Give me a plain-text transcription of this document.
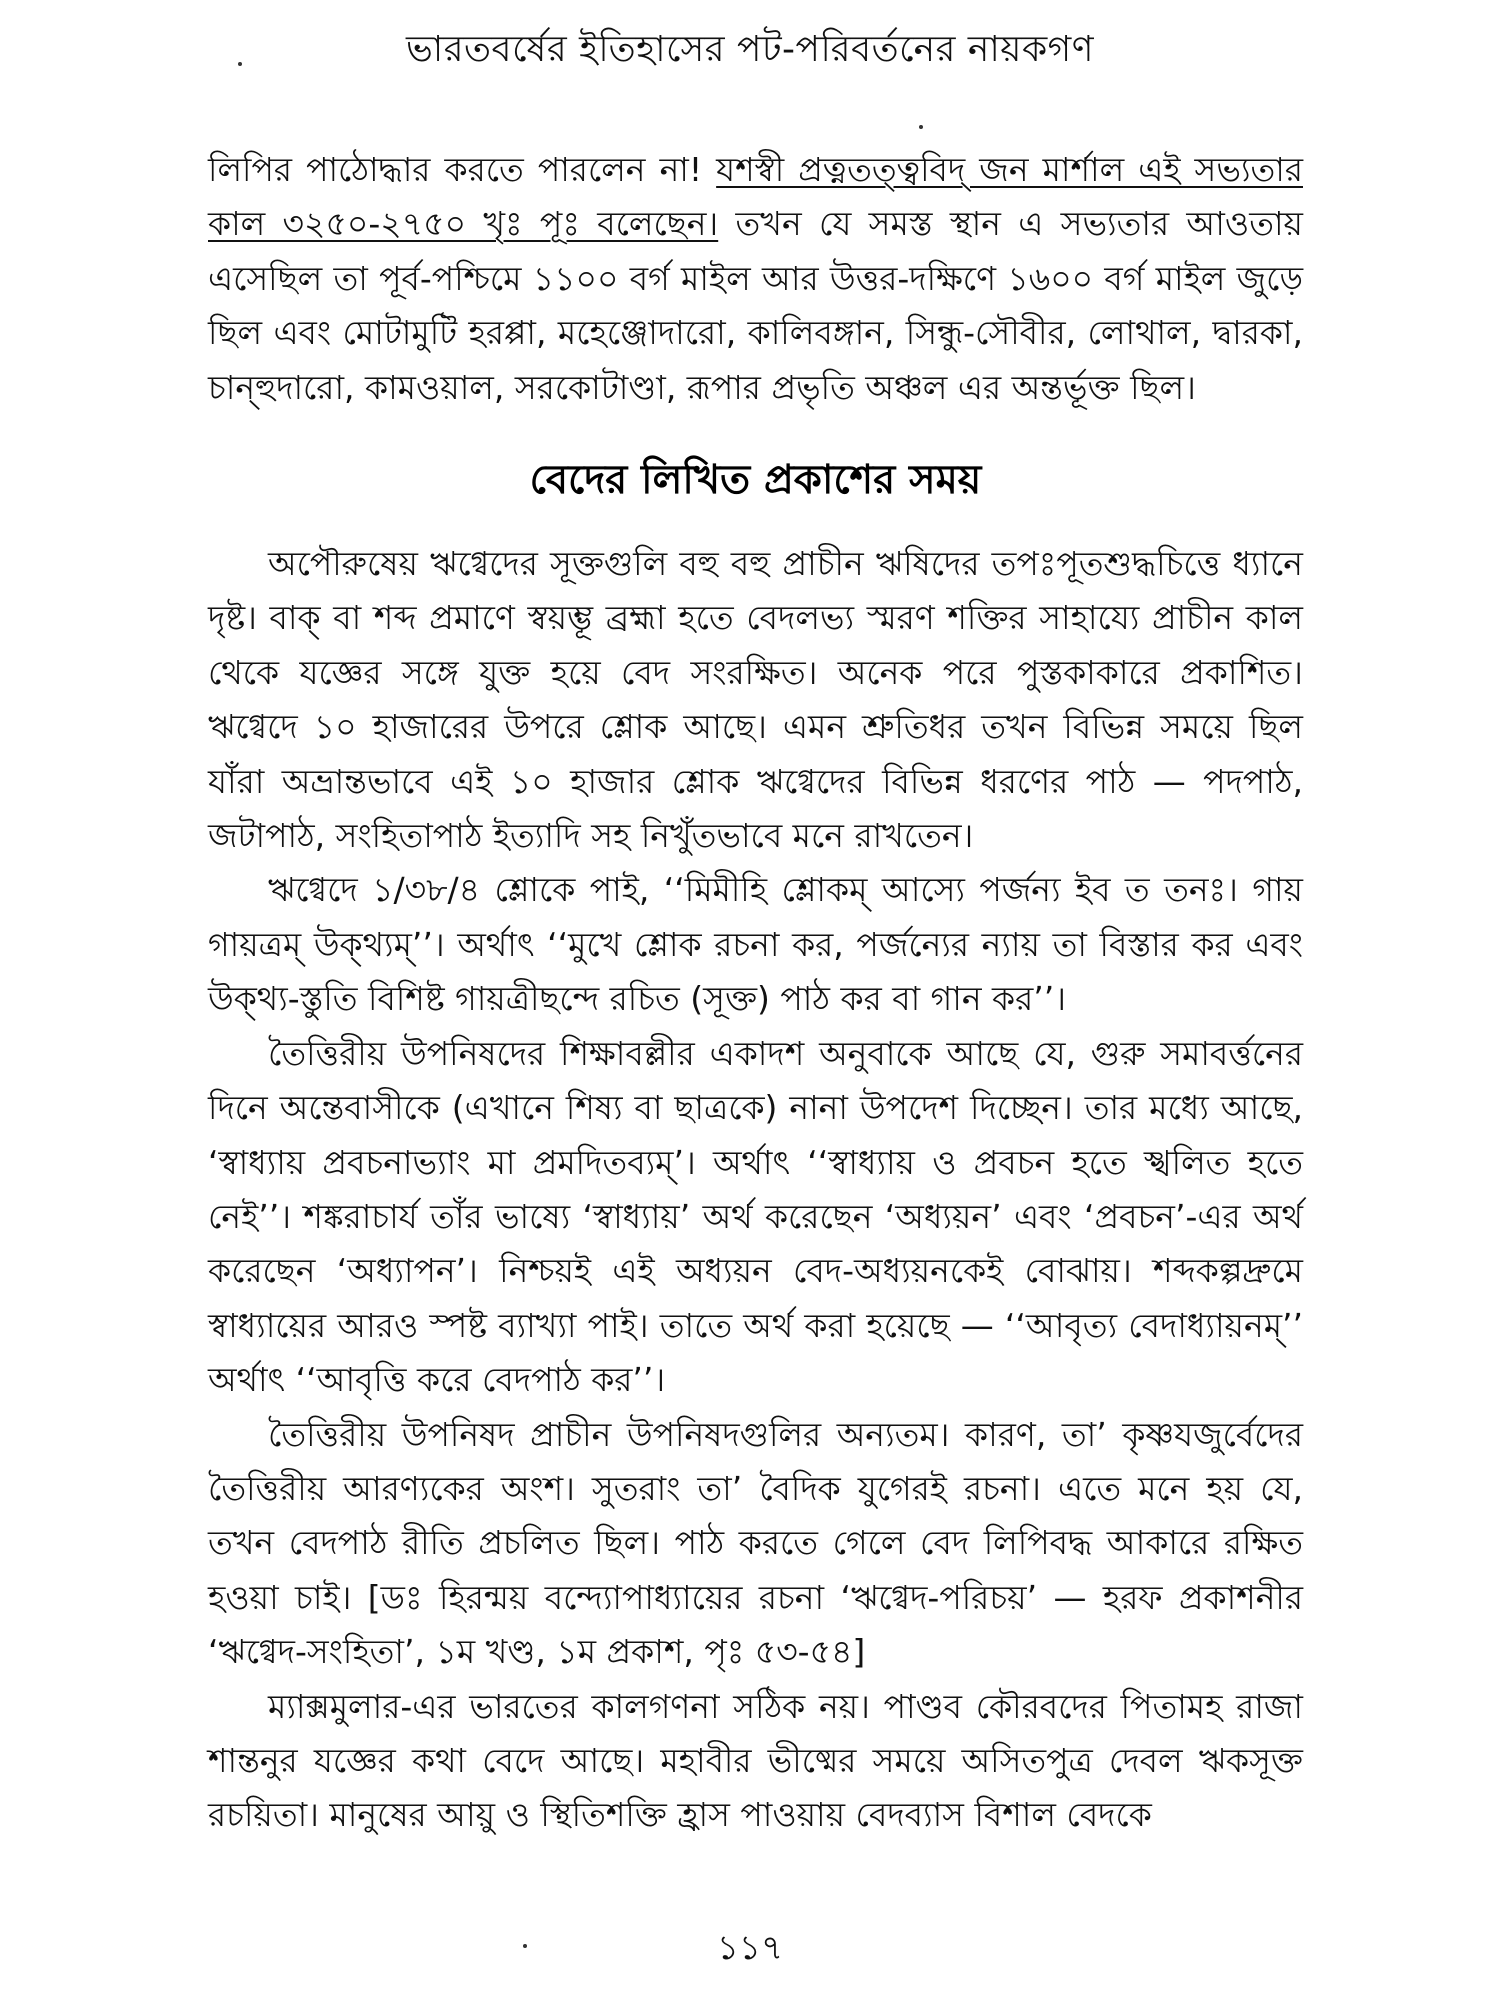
ভারতবর্ষের ইতিহাসের পট-পরিবর্তনের নায়কগণ

লিপির পাঠোদ্ধার করতে পারলেন না! যশস্বী প্রত্নতত্ত্ববিদ্ জন মার্শাল এই সভ্যতার কাল ৩২৫০-২৭৫০ খৃঃ পূঃ বলেছেন। তখন যে সমস্ত স্থান এ সভ্যতার আওতায় এসেছিল তা পূর্ব-পশ্চিমে ১১০০ বর্গ মাইল আর উত্তর-দক্ষিণে ১৬০০ বর্গ মাইল জুড়ে ছিল এবং মোটামুটি হরপ্পা, মহেঞ্জোদারো, কালিবঙ্গান, সিন্ধু-সৌবীর, লোথাল, দ্বারকা, চান্‌হুদারো, কামওয়াল, সরকোটাণ্ডা, রূপার প্রভৃতি অঞ্চল এর অন্তর্ভূক্ত ছিল।

বেদের লিখিত প্রকাশের সময়

অপৌরুষেয় ঋগ্বেদের সূক্তগুলি বহু বহু প্রাচীন ঋষিদের তপঃপূতশুদ্ধচিত্তে ধ্যানে দৃষ্ট। বাক্ বা শব্দ প্রমাণে স্বয়ম্ভূ ব্রহ্মা হতে বেদলভ্য স্মরণ শক্তির সাহায্যে প্রাচীন কাল থেকে যজ্ঞের সঙ্গে যুক্ত হয়ে বেদ সংরক্ষিত। অনেক পরে পুস্তকাকারে প্রকাশিত। ঋগ্বেদে ১০ হাজারের উপরে শ্লোক আছে। এমন শ্রুতিধর তখন বিভিন্ন সময়ে ছিল যাঁরা অভ্রান্তভাবে এই ১০ হাজার শ্লোক ঋগ্বেদের বিভিন্ন ধরণের পাঠ — পদপাঠ, জটাপাঠ, সংহিতাপাঠ ইত্যাদি সহ নিখুঁতভাবে মনে রাখতেন।

ঋগ্বেদে ১/৩৮/৪ শ্লোকে পাই, ‘‘মিমীহি শ্লোকম্ আস্যে পর্জন্য ইব ত তনঃ। গায় গায়ত্রম্ উক্থ্যম্’’। অর্থাৎ ‘‘মুখে শ্লোক রচনা কর, পর্জন্যের ন্যায় তা বিস্তার কর এবং উক্থ্য-স্তুতি বিশিষ্ট গায়ত্রীছন্দে রচিত (সূক্ত) পাঠ কর বা গান কর’’।

তৈত্তিরীয় উপনিষদের শিক্ষাবল্লীর একাদশ অনুবাকে আছে যে, গুরু সমাবর্ত্তনের দিনে অন্তেবাসীকে (এখানে শিষ্য বা ছাত্রকে) নানা উপদেশ দিচ্ছেন। তার মধ্যে আছে, ‘স্বাধ্যায় প্রবচনাভ্যাং মা প্রমদিতব্যম্’। অর্থাৎ ‘‘স্বাধ্যায় ও প্রবচন হতে স্খলিত হতে নেই’’। শঙ্করাচার্য তাঁর ভাষ্যে ‘স্বাধ্যায়’ অর্থ করেছেন ‘অধ্যয়ন’ এবং ‘প্রবচন’-এর অর্থ করেছেন ‘অধ্যাপন’। নিশ্চয়ই এই অধ্যয়ন বেদ-অধ্যয়নকেই বোঝায়। শব্দকল্পদ্রুমে স্বাধ্যায়ের আরও স্পষ্ট ব্যাখ্যা পাই। তাতে অর্থ করা হয়েছে — ‘‘আবৃত্য বেদাধ্যায়নম্’’ অর্থাৎ ‘‘আবৃত্তি করে বেদপাঠ কর’’।

তৈত্তিরীয় উপনিষদ প্রাচীন উপনিষদগুলির অন্যতম। কারণ, তা’ কৃষ্ণযজুর্বেদের তৈত্তিরীয় আরণ্যকের অংশ। সুতরাং তা’ বৈদিক যুগেরই রচনা। এতে মনে হয় যে, তখন বেদপাঠ রীতি প্রচলিত ছিল। পাঠ করতে গেলে বেদ লিপিবদ্ধ আকারে রক্ষিত হওয়া চাই। [ডঃ হিরন্ময় বন্দ্যোপাধ্যায়ের রচনা ‘ঋগ্বেদ-পরিচয়’ — হরফ প্রকাশনীর ‘ঋগ্বেদ-সংহিতা’, ১ম খণ্ড, ১ম প্রকাশ, পৃঃ ৫৩-৫৪]

ম্যাক্সমুলার-এর ভারতের কালগণনা সঠিক নয়। পাণ্ডব কৌরবদের পিতামহ রাজা শান্তনুর যজ্ঞের কথা বেদে আছে। মহাবীর ভীষ্মের সময়ে অসিতপুত্র দেবল ঋকসূক্ত রচয়িতা। মানুষের আয়ু ও স্থিতিশক্তি হ্রাস পাওয়ায় বেদব্যাস বিশাল বেদকে

১১৭
